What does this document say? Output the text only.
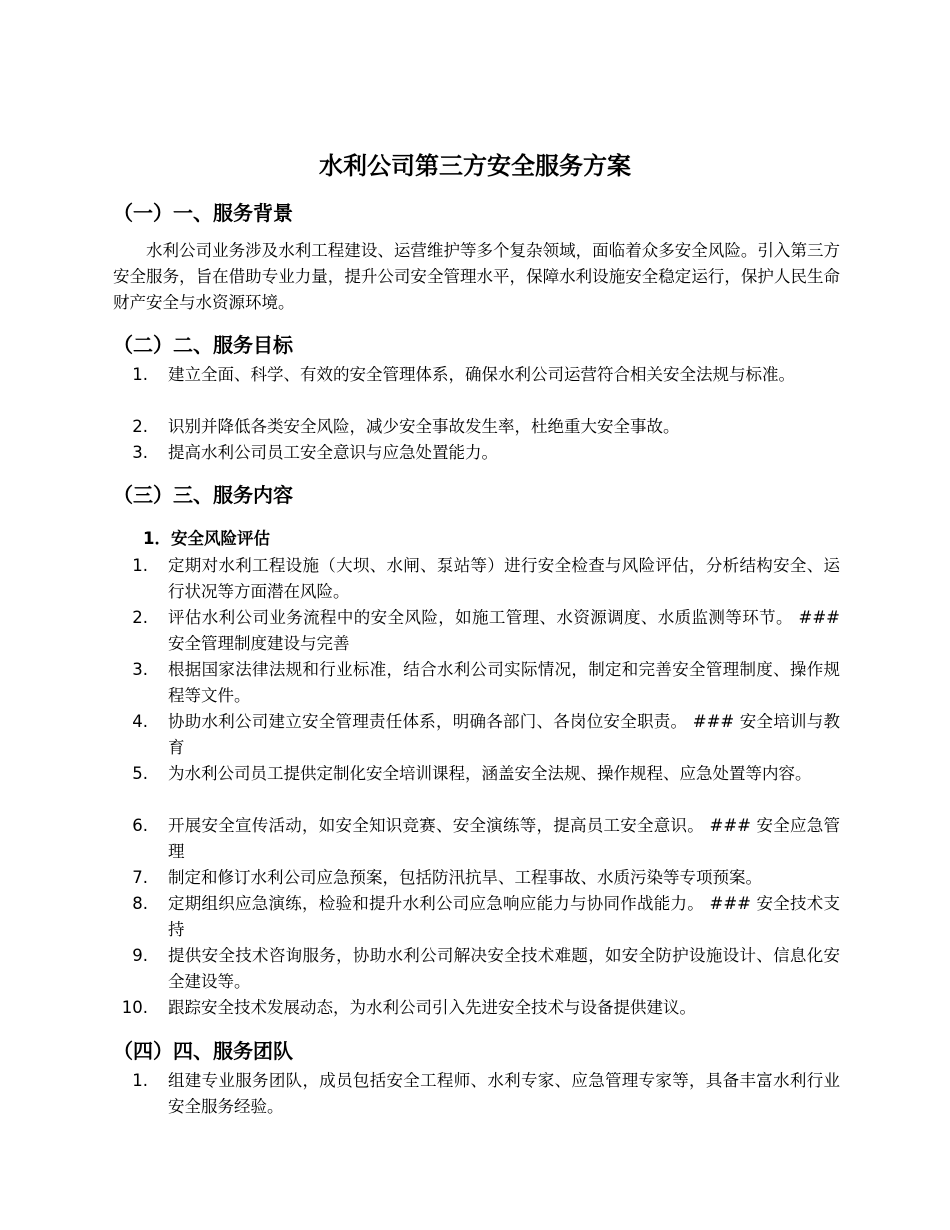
水利公司第三方安全服务方案
（一）一、服务背景

水利公司业务涉及水利工程建设、运营维护等多个复杂领域，面临着众多安全风险。引入第三方安全服务，旨在借助专业力量，提升公司安全管理水平，保障水利设施安全稳定运行，保护人民生命财产安全与水资源环境。

（二）二、服务目标
1. 建立全面、科学、有效的安全管理体系，确保水利公司运营符合相关安全法规与标准。
2. 识别并降低各类安全风险，减少安全事故发生率，杜绝重大安全事故。
3. 提高水利公司员工安全意识与应急处置能力。
（三）三、服务内容
1．安全风险评估
1. 定期对水利工程设施（大坝、水闸、泵站等）进行安全检查与风险评估，分析结构安全、运行状况等方面潜在风险。
2. 评估水利公司业务流程中的安全风险，如施工管理、水资源调度、水质监测等环节。 ### 安全管理制度建设与完善
3. 根据国家法律法规和行业标准，结合水利公司实际情况，制定和完善安全管理制度、操作规程等文件。
4. 协助水利公司建立安全管理责任体系，明确各部门、各岗位安全职责。 ### 安全培训与教育
5. 为水利公司员工提供定制化安全培训课程，涵盖安全法规、操作规程、应急处置等内容。
6. 开展安全宣传活动，如安全知识竞赛、安全演练等，提高员工安全意识。 ### 安全应急管理
7. 制定和修订水利公司应急预案，包括防汛抗旱、工程事故、水质污染等专项预案。
8. 定期组织应急演练，检验和提升水利公司应急响应能力与协同作战能力。 ### 安全技术支持
9. 提供安全技术咨询服务，协助水利公司解决安全技术难题，如安全防护设施设计、信息化安全建设等。
10. 跟踪安全技术发展动态，为水利公司引入先进安全技术与设备提供建议。
（四）四、服务团队
1. 组建专业服务团队，成员包括安全工程师、水利专家、应急管理专家等，具备丰富水利行业安全服务经验。
